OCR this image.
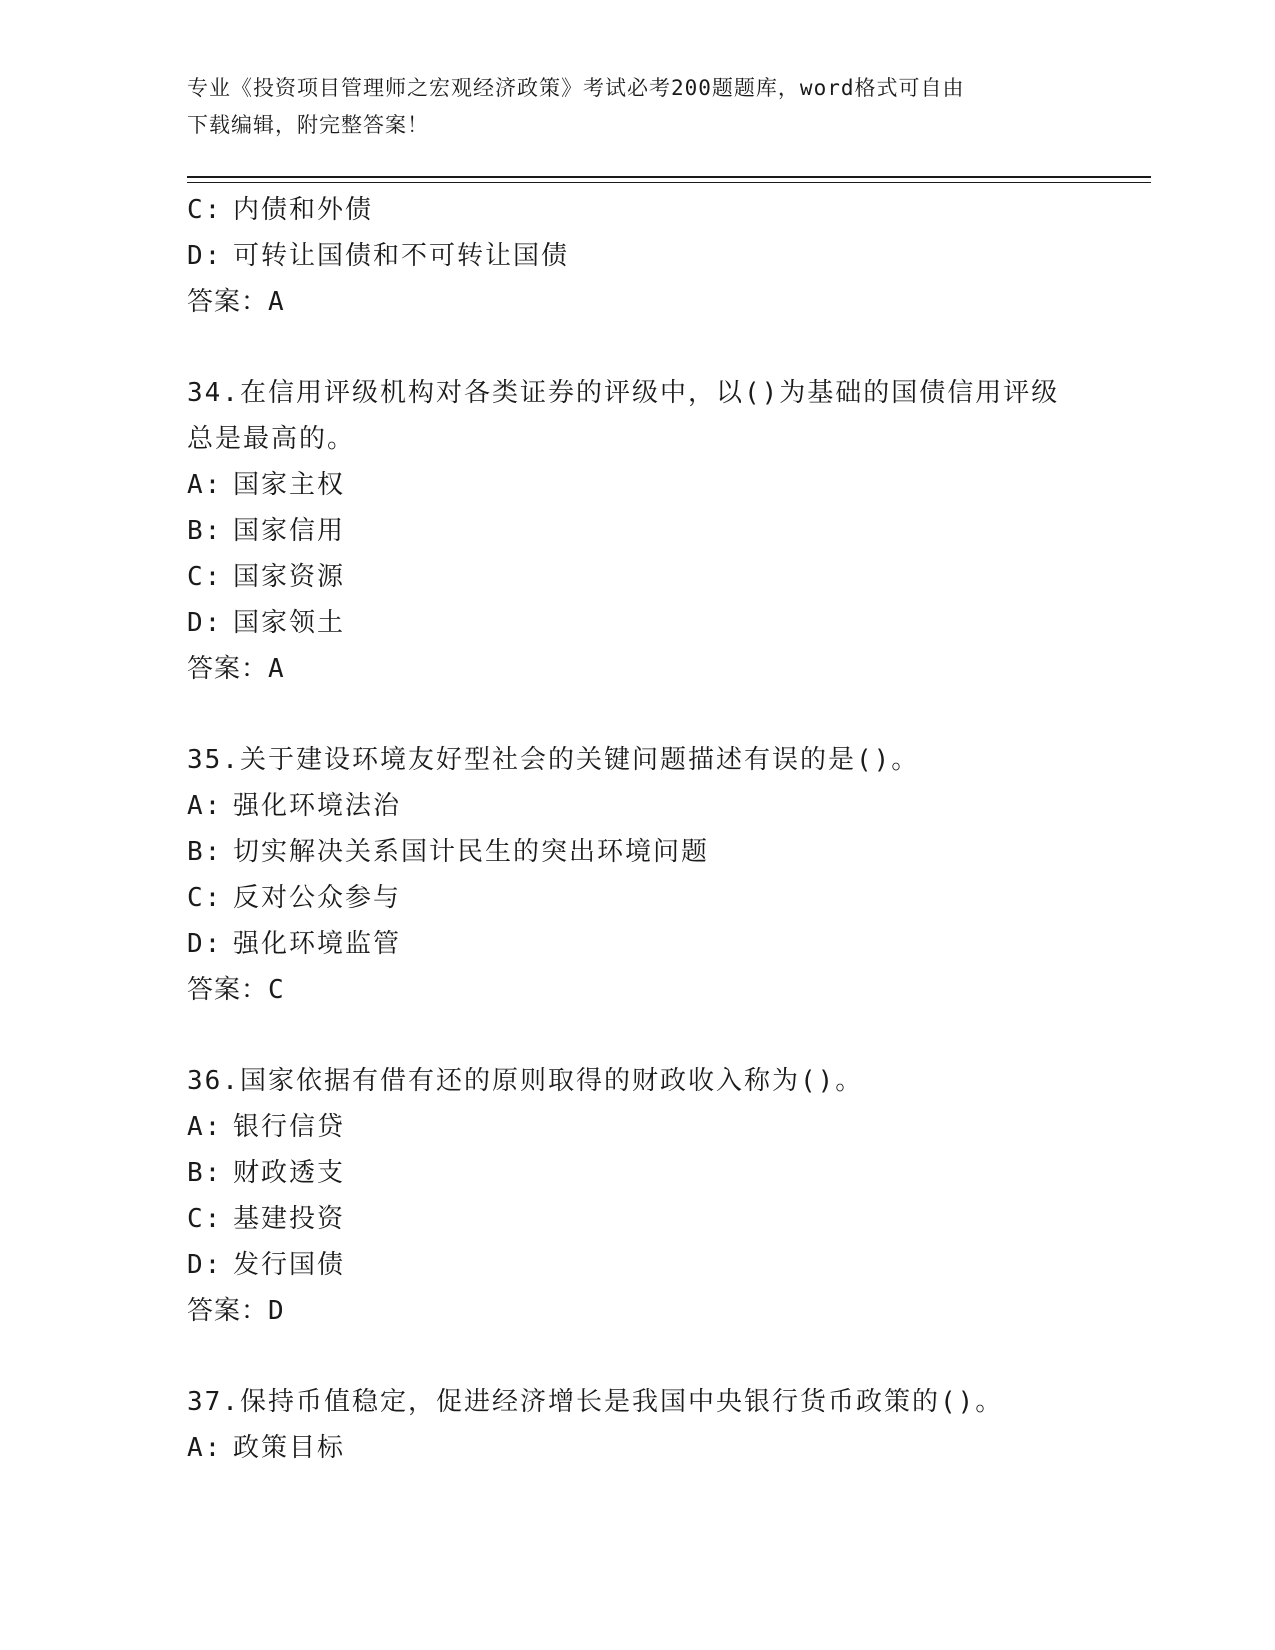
专业《投资项目管理师之宏观经济政策》考试必考200题题库，word格式可自由
下载编辑，附完整答案！
C: 内债和外债
D: 可转让国债和不可转让国债
答案：A
34.在信用评级机构对各类证券的评级中，以()为基础的国债信用评级
总是最高的。
A: 国家主权
B: 国家信用
C: 国家资源
D: 国家领土
答案：A
35.关于建设环境友好型社会的关键问题描述有误的是()。
A: 强化环境法治
B: 切实解决关系国计民生的突出环境问题
C: 反对公众参与
D: 强化环境监管
答案：C
36.国家依据有借有还的原则取得的财政收入称为()。
A: 银行信贷
B: 财政透支
C: 基建投资
D: 发行国债
答案：D
37.保持币值稳定，促进经济增长是我国中央银行货币政策的()。
A: 政策目标
